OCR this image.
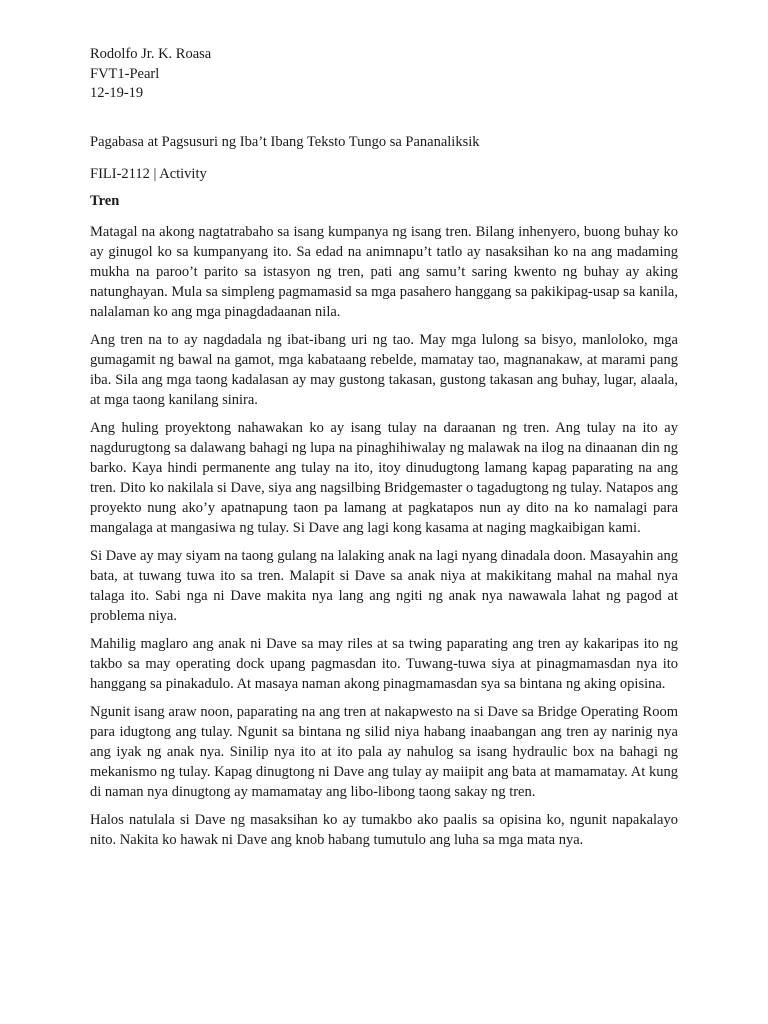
Rodolfo Jr. K. Roasa

FVT1-Pearl

12-19-19

Pagabasa at Pagsusuri ng Iba’t Ibang Teksto Tungo sa Pananaliksik

FILI-2112 | Activity

Tren

Matagal na akong nagtatrabaho sa isang kumpanya ng isang tren. Bilang inhenyero, buong buhay ko ay ginugol ko sa kumpanyang ito. Sa edad na animnapu’t tatlo ay nasaksihan ko na ang madaming mukha na paroo’t parito sa istasyon ng tren, pati ang samu’t saring kwento ng buhay ay aking natunghayan. Mula sa simpleng pagmamasid sa mga pasahero hanggang sa pakikipag-usap sa kanila, nalalaman ko ang mga pinagdadaanan nila.

Ang tren na to ay nagdadala ng ibat-ibang uri ng tao. May mga lulong sa bisyo, manloloko, mga gumagamit ng bawal na gamot, mga kabataang rebelde, mamatay tao, magnanakaw, at marami pang iba. Sila ang mga taong kadalasan ay may gustong takasan, gustong takasan ang buhay, lugar, alaala, at mga taong kanilang sinira.

Ang huling proyektong nahawakan ko ay isang tulay na daraanan ng tren. Ang tulay na ito ay nagdurugtong sa dalawang bahagi ng lupa na pinaghihiwalay ng malawak na ilog na dinaanan din ng barko. Kaya hindi permanente ang tulay na ito, itoy dinudugtong lamang kapag paparating na ang tren. Dito ko nakilala si Dave, siya ang nagsilbing Bridgemaster o tagadugtong ng tulay. Natapos ang proyekto nung ako’y apatnapung taon pa lamang at pagkatapos nun ay dito na ko namalagi para mangalaga at mangasiwa ng tulay. Si Dave ang lagi kong kasama at naging magkaibigan kami.

Si Dave ay may siyam na taong gulang na lalaking anak na lagi nyang dinadala doon. Masayahin ang bata, at tuwang tuwa ito sa tren. Malapit si Dave sa anak niya at makikitang mahal na mahal nya talaga ito. Sabi nga ni Dave makita nya lang ang ngiti ng anak nya nawawala lahat ng pagod at problema niya.

Mahilig maglaro ang anak ni Dave sa may riles at sa twing paparating ang tren ay kakaripas ito ng takbo sa may operating dock upang pagmasdan ito. Tuwang-tuwa siya at pinagmamasdan nya ito hanggang sa pinakadulo. At masaya naman akong pinagmamasdan sya sa bintana ng aking opisina.

Ngunit isang araw noon, paparating na ang tren at nakapwesto na si Dave sa Bridge Operating Room para idugtong ang tulay. Ngunit sa bintana ng silid niya habang inaabangan ang tren ay narinig nya ang iyak ng anak nya. Sinilip nya ito at ito pala ay nahulog sa isang hydraulic box na bahagi ng mekanismo ng tulay. Kapag dinugtong ni Dave ang tulay ay maiipit ang bata at mamamatay. At kung di naman nya dinugtong ay mamamatay ang libo-libong taong sakay ng tren.

Halos natulala si Dave ng masaksihan ko ay tumakbo ako paalis sa opisina ko, ngunit napakalayo nito. Nakita ko hawak ni Dave ang knob habang tumutulo ang luha sa mga mata nya.
